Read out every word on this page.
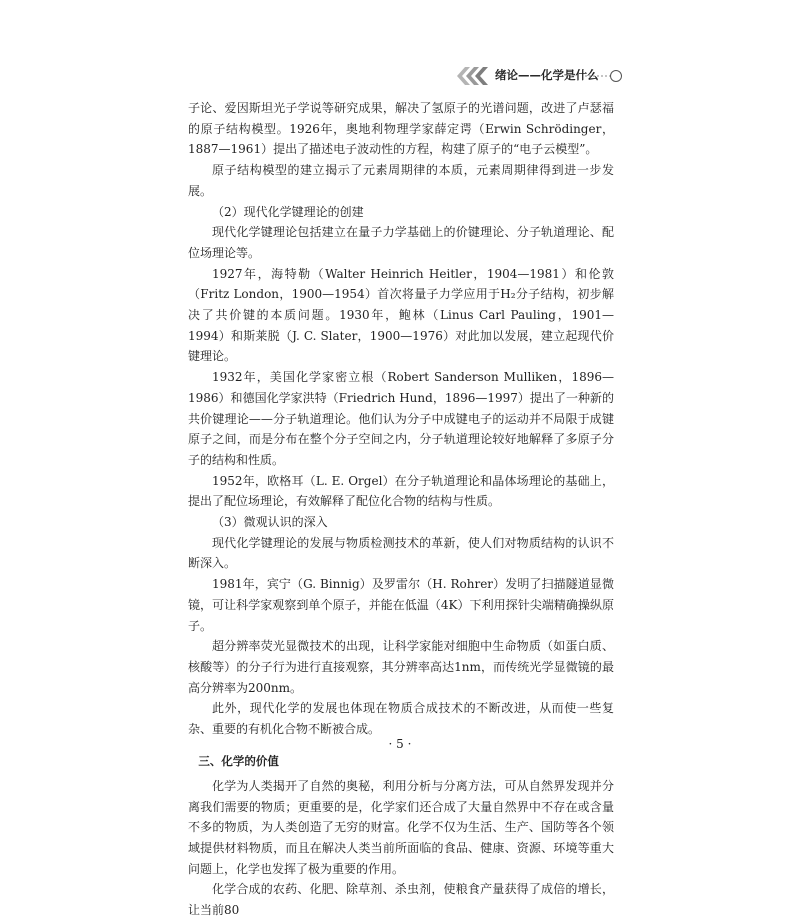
绪论——化学是什么

子论、爱因斯坦光子学说等研究成果，解决了氢原子的光谱问题，改进了卢瑟福的原子结构模型。1926年，奥地利物理学家薛定谔（Erwin Schrödinger，1887—1961）提出了描述电子波动性的方程，构建了原子的“电子云模型”。

原子结构模型的建立揭示了元素周期律的本质，元素周期律得到进一步发展。

（2）现代化学键理论的创建

现代化学键理论包括建立在量子力学基础上的价键理论、分子轨道理论、配位场理论等。

1927年，海特勒（Walter Heinrich Heitler，1904—1981）和伦敦（Fritz London，1900—1954）首次将量子力学应用于H₂分子结构，初步解决了共价键的本质问题。1930年，鲍林（Linus Carl Pauling，1901—1994）和斯莱脱（J. C. Slater，1900—1976）对此加以发展，建立起现代价键理论。

1932年，美国化学家密立根（Robert Sanderson Mulliken，1896—1986）和德国化学家洪特（Friedrich Hund，1896—1997）提出了一种新的共价键理论——分子轨道理论。他们认为分子中成键电子的运动并不局限于成键原子之间，而是分布在整个分子空间之内，分子轨道理论较好地解释了多原子分子的结构和性质。

1952年，欧格耳（L. E. Orgel）在分子轨道理论和晶体场理论的基础上，提出了配位场理论，有效解释了配位化合物的结构与性质。

（3）微观认识的深入

现代化学键理论的发展与物质检测技术的革新，使人们对物质结构的认识不断深入。

1981年，宾宁（G. Binnig）及罗雷尔（H. Rohrer）发明了扫描隧道显微镜，可让科学家观察到单个原子，并能在低温（4K）下利用探针尖端精确操纵原子。

超分辨率荧光显微技术的出现，让科学家能对细胞中生命物质（如蛋白质、核酸等）的分子行为进行直接观察，其分辨率高达1nm，而传统光学显微镜的最高分辨率为200nm。

此外，现代化学的发展也体现在物质合成技术的不断改进，从而使一些复杂、重要的有机化合物不断被合成。

三、化学的价值

化学为人类揭开了自然的奥秘，利用分析与分离方法，可从自然界发现并分离我们需要的物质；更重要的是，化学家们还合成了大量自然界中不存在或含量不多的物质，为人类创造了无穷的财富。化学不仅为生活、生产、国防等各个领域提供材料物质，而且在解决人类当前所面临的食品、健康、资源、环境等重大问题上，化学也发挥了极为重要的作用。

化学合成的农药、化肥、除草剂、杀虫剂，使粮食产量获得了成倍的增长，让当前80

· 5 ·
